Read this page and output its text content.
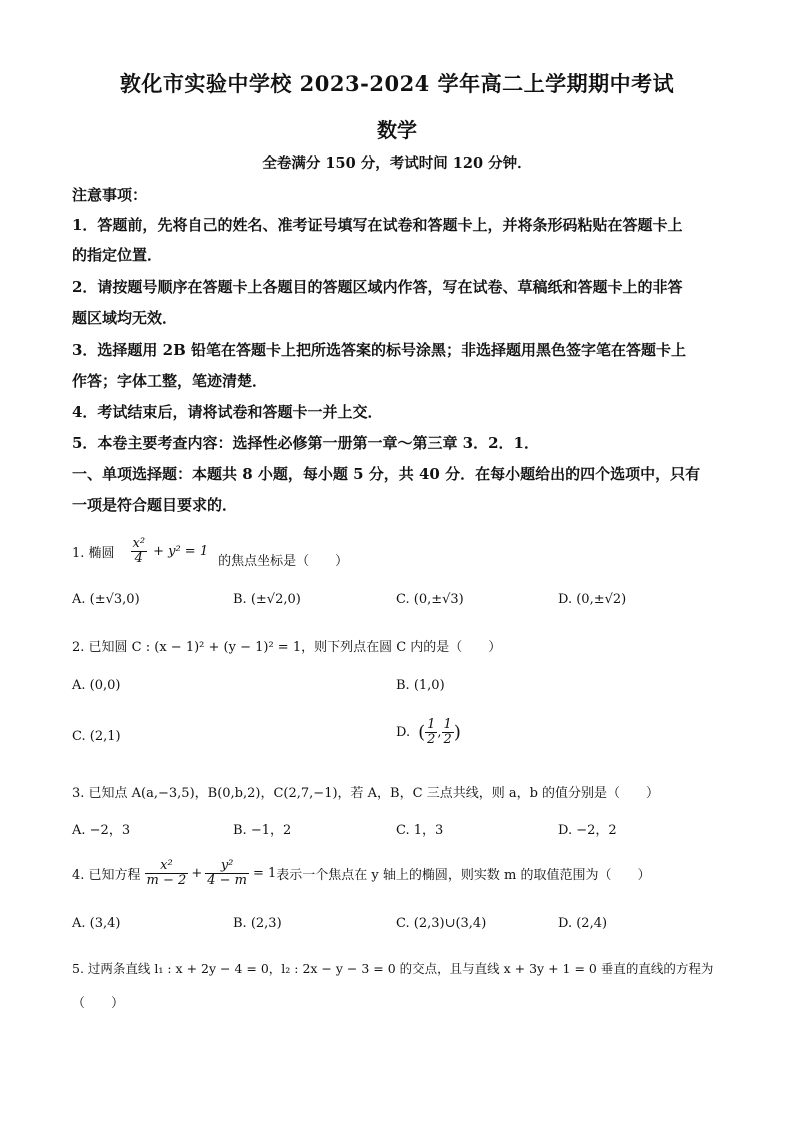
敦化市实验中学校 2023-2024 学年高二上学期期中考试
数学
全卷满分 150 分，考试时间 120 分钟．
注意事项：
1．答题前，先将自己的姓名、准考证号填写在试卷和答题卡上，并将条形码粘贴在答题卡上
的指定位置．
2．请按题号顺序在答题卡上各题目的答题区域内作答，写在试卷、草稿纸和答题卡上的非答
题区域均无效．
3．选择题用 2B 铅笔在答题卡上把所选答案的标号涂黑；非选择题用黑色签字笔在答题卡上
作答；字体工整，笔迹清楚．
4．考试结束后，请将试卷和答题卡一并上交．
5．本卷主要考查内容：选择性必修第一册第一章～第三章 3．2．1．
一、单项选择题：本题共 8 小题，每小题 5 分，共 40 分．在每小题给出的四个选项中，只有
一项是符合题目要求的．
1. 椭圆 $\frac{\text{x²}}{4} + y^2 = 1$
的焦点坐标是（　　）
A. (±√3,0)	B. (±√2,0)	C. (0,±√3)	D. (0,±√2)
2. 已知圆 C : (x − 1)² + (y − 1)² = 1，则下列点在圆 C 内的是（　　）
A. (0,0)	B. (1,0)
C. (2,1)	D. ( $\frac{1}{2}$ , $\frac{1}{2}$ )
3. 已知点 A(a,−3,5)，B(0,b,2)，C(2,7,−1)，若 A，B，C 三点共线，则 a，b 的值分别是（　　）
A. −2，3	B. −1，2	C. 1，3	D. −2，2
4. 已知方程 $\frac{\text{x²}}{m - 2} + \frac{\text{y²}}{4 - m} = 1$ 表示一个焦点在 y 轴上的椭圆，则实数 m 的取值范围为（　　）
A. (3,4)	B. (2,3)	C. (2,3)∪(3,4)	D. (2,4)
5. 过两条直线 l₁ : x + 2y − 4 = 0，l₂ : 2x − y − 3 = 0 的交点，且与直线 x + 3y + 1 = 0 垂直的直线的方程为
（　　）
